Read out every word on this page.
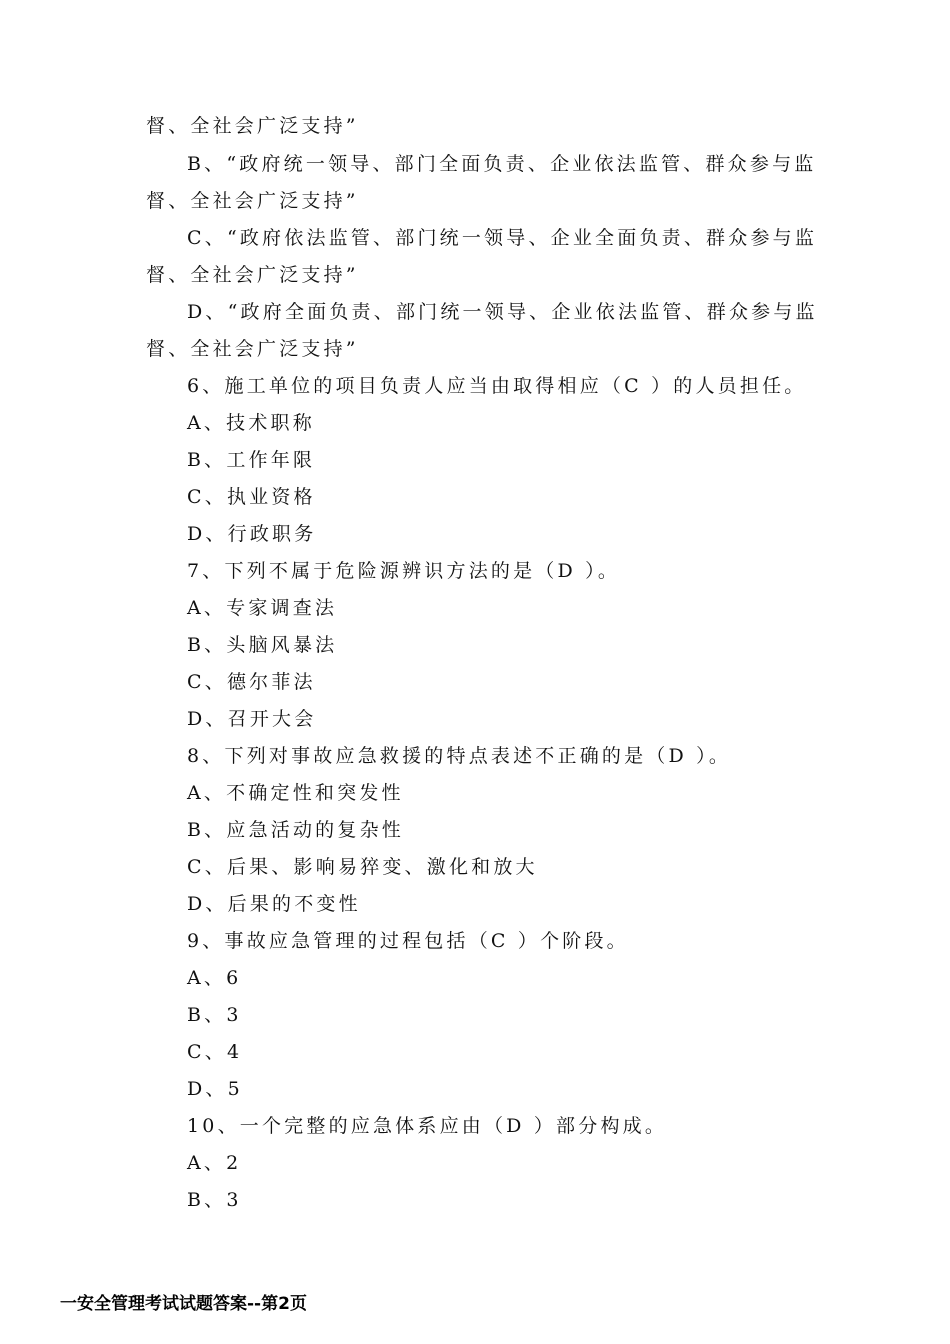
督、全社会广泛支持”
B、“政府统一领导、部门全面负责、企业依法监管、群众参与监
督、全社会广泛支持”
C、“政府依法监管、部门统一领导、企业全面负责、群众参与监
督、全社会广泛支持”
D、“政府全面负责、部门统一领导、企业依法监管、群众参与监
督、全社会广泛支持”
6、施工单位的项目负责人应当由取得相应（C ）的人员担任。
A、技术职称
B、工作年限
C、执业资格
D、行政职务
7、下列不属于危险源辨识方法的是（D ）。
A、专家调查法
B、头脑风暴法
C、德尔菲法
D、召开大会
8、下列对事故应急救援的特点表述不正确的是（D ）。
A、不确定性和突发性
B、应急活动的复杂性
C、后果、影响易猝变、激化和放大
D、后果的不变性
9、事故应急管理的过程包括（C ）个阶段。
A、6
B、3
C、4
D、5
10、一个完整的应急体系应由（D ）部分构成。
A、2
B、3
一安全管理考试试题答案--第2页
